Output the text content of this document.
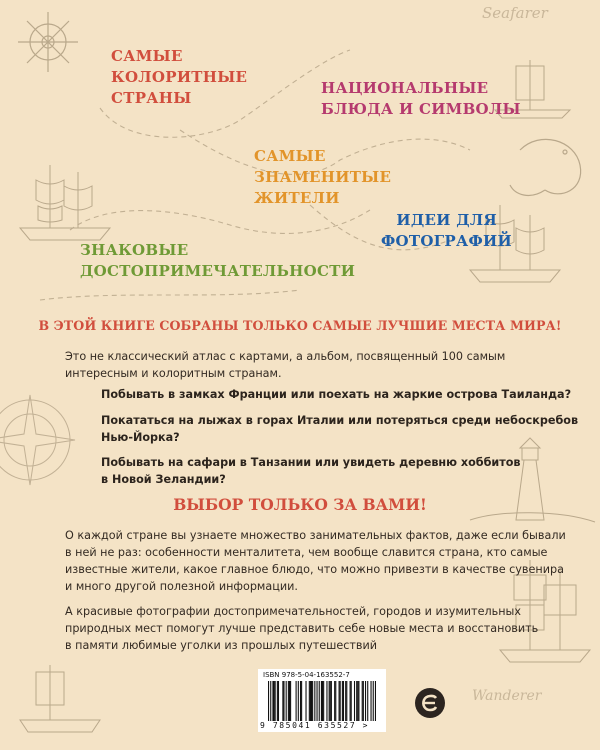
Seafarer
САМЫЕ
КОЛОРИТНЫЕ
СТРАНЫ
НАЦИОНАЛЬНЫЕ
БЛЮДА И СИМВОЛЫ
САМЫЕ
ЗНАМЕНИТЫЕ
ЖИТЕЛИ
ИДЕИ ДЛЯ
ФОТОГРАФИЙ
ЗНАКОВЫЕ
ДОСТОПРИМЕЧАТЕЛЬНОСТИ
В ЭТОЙ КНИГЕ СОБРАНЫ ТОЛЬКО САМЫЕ ЛУЧШИЕ МЕСТА МИРА!
Это не классический атлас с картами, а альбом, посвященный 100 самым
интересным и колоритным странам.
Побывать в замках Франции или поехать на жаркие острова Таиланда?
Покататься на лыжах в горах Италии или потеряться среди небоскребов
Нью-Йорка?
Побывать на сафари в Танзании или увидеть деревню хоббитов
в Новой Зеландии?
ВЫБОР ТОЛЬКО ЗА ВАМИ!
О каждой стране вы узнаете множество занимательных фактов, даже если бывали
в ней не раз: особенности менталитета, чем вообще славится страна, кто самые
известные жители, какое главное блюдо, что можно привезти в качестве сувенира
и много другой полезной информации.
А красивые фотографии достопримечательностей, городов и изумительных
природных мест помогут лучше представить себе новые места и восстановить
в памяти любимые уголки из прошлых путешествий
ISBN 978-5-04-163552-7
9 785041 635527 >
Wanderer
